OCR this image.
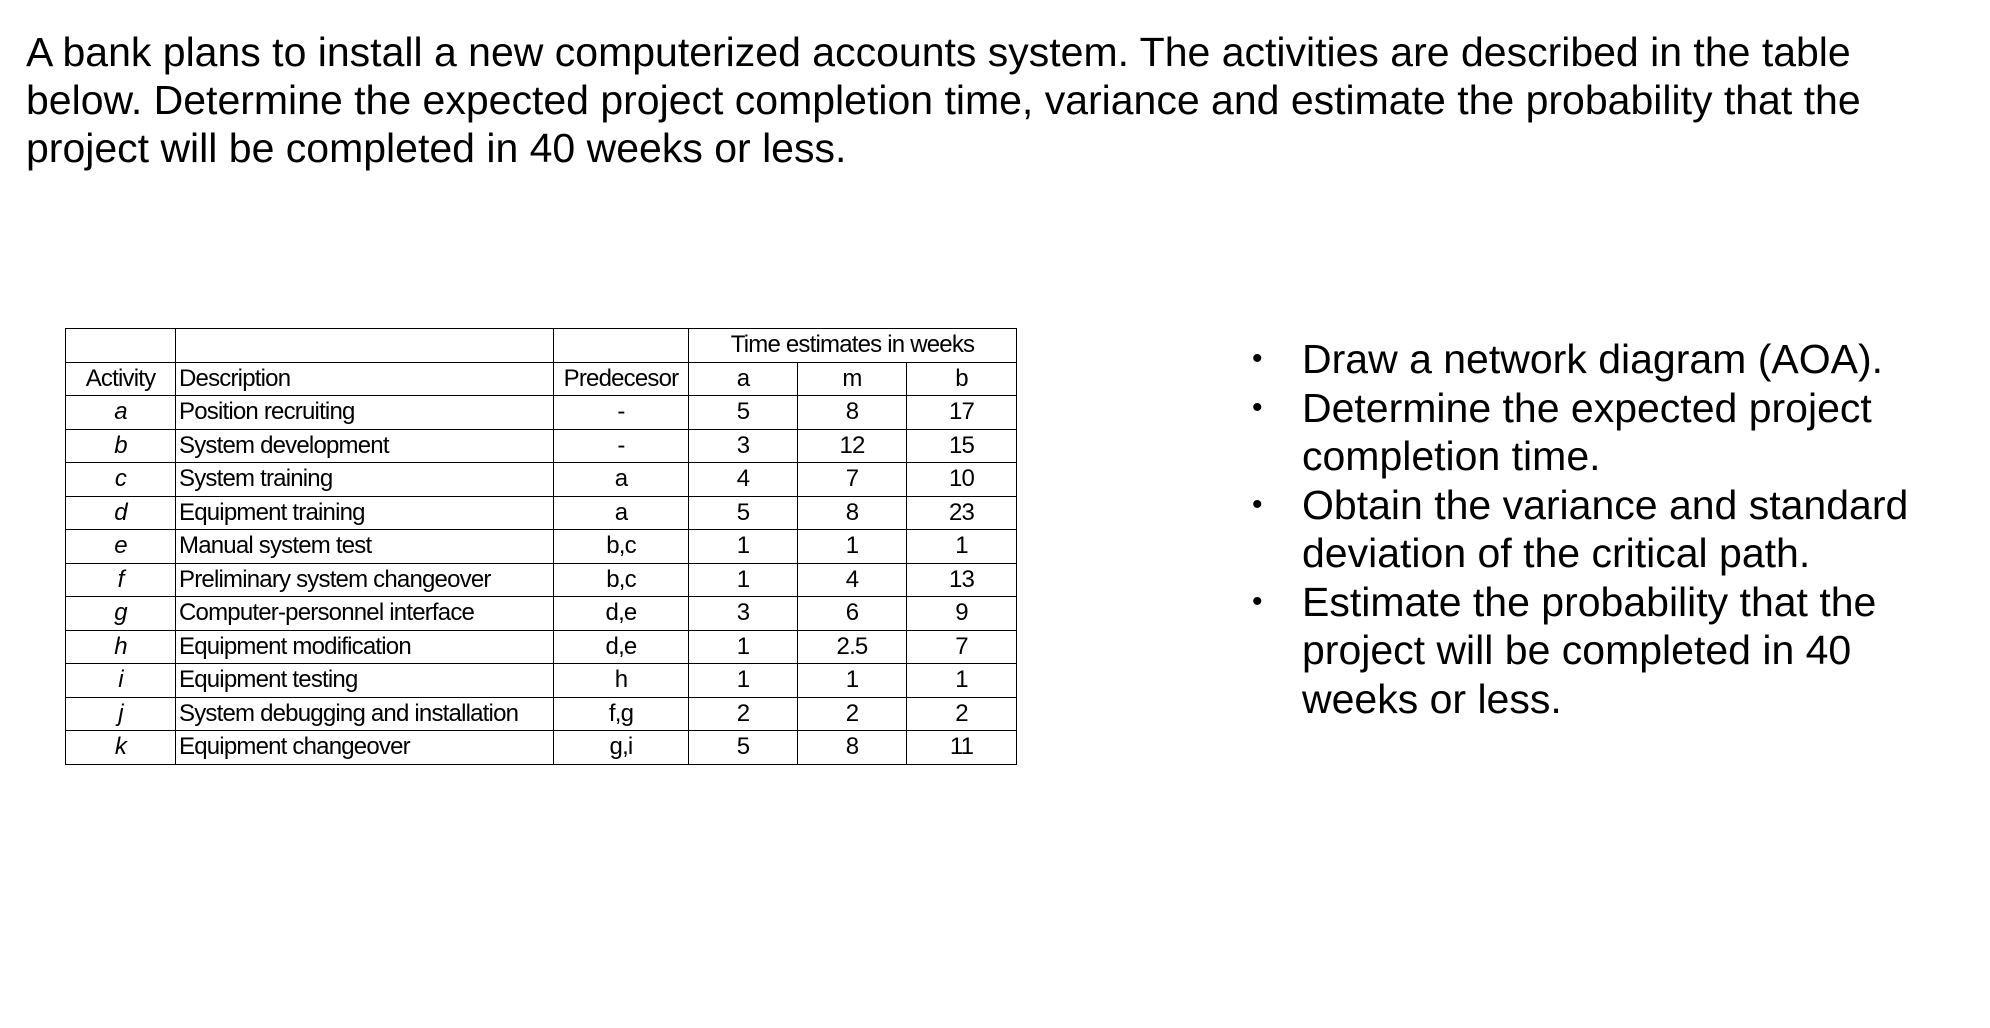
A bank plans to install a new computerized accounts system. The activities are described in the table below. Determine the expected project completion time, variance and estimate the probability that the project will be completed in 40 weeks or less.

			Time estimates in weeks		
Activity	Description	Predecesor	a	m	b
a	Position recruiting	-	5	8	17
b	System development	-	3	12	15
c	System training	a	4	7	10
d	Equipment training	a	5	8	23
e	Manual system test	b,c	1	1	1
f	Preliminary system changeover	b,c	1	4	13
g	Computer-personnel interface	d,e	3	6	9
h	Equipment modification	d,e	1	2.5	7
i	Equipment testing	h	1	1	1
j	System debugging and installation	f,g	2	2	2
k	Equipment changeover	g,i	5	8	11
• Draw a network diagram (AOA).
• Determine the expected project completion time.
• Obtain the variance and standard deviation of the critical path.
• Estimate the probability that the project will be completed in 40 weeks or less.
